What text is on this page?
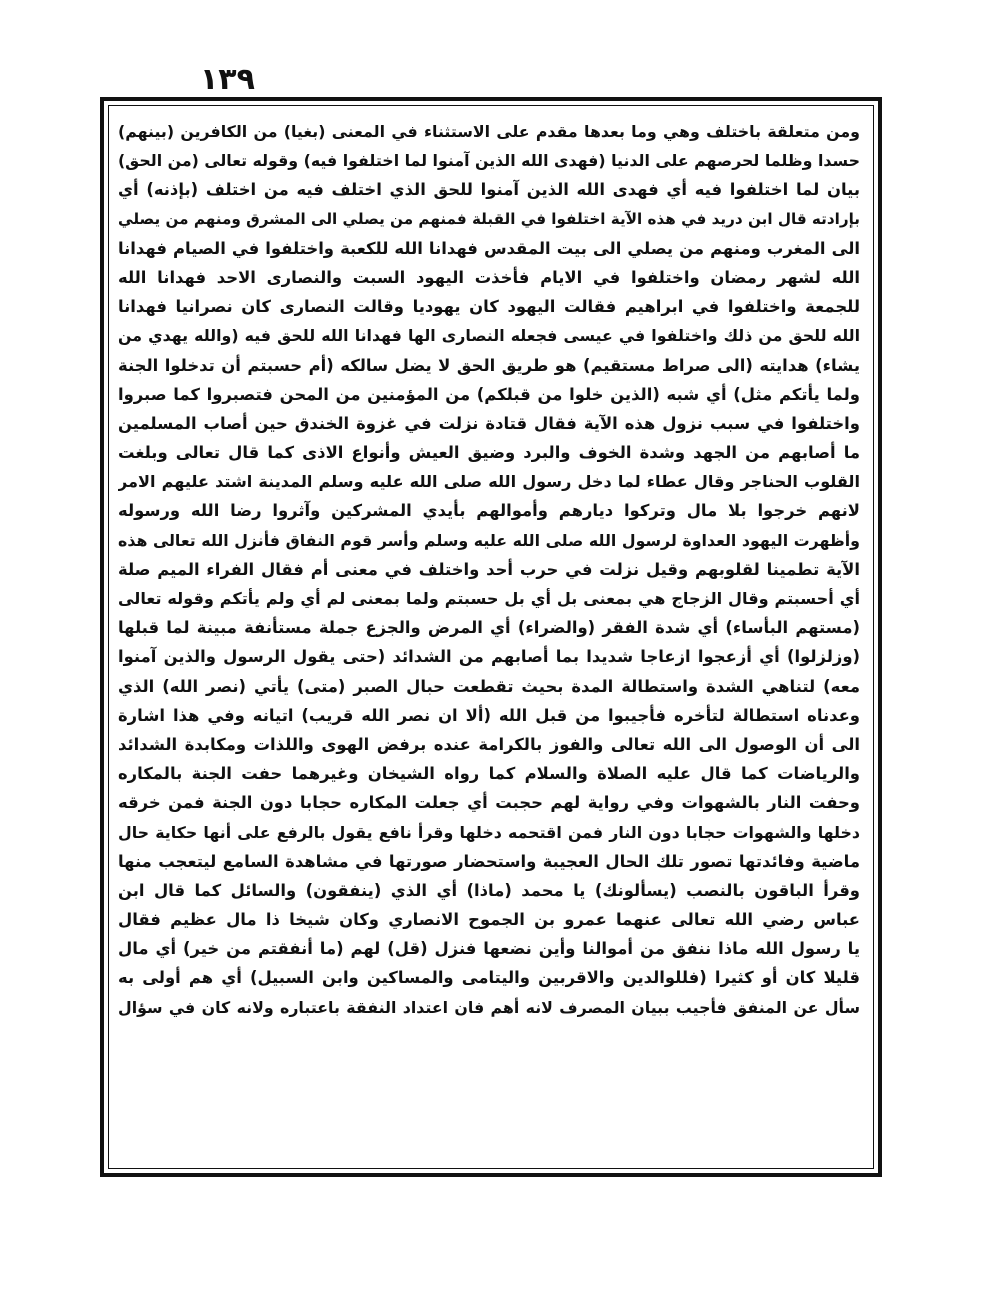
١٣٩
ومن متعلقة باختلف وهي وما بعدها مقدم على الاستثناء في المعنى (بغيا) من الكافرين (بينهم)
حسدا وظلما لحرصهم على الدنيا (فهدى الله الذين آمنوا لما اختلفوا فيه) وقوله تعالى (من الحق)
بيان لما اختلفوا فيه أي فهدى الله الذين آمنوا للحق الذي اختلف فيه من اختلف (بإذنه) أي
بإرادته قال ابن دريد في هذه الآية اختلفوا في القبلة فمنهم من يصلي الى المشرق ومنهم من يصلي
الى المغرب ومنهم من يصلي الى بيت المقدس فهدانا الله للكعبة واختلفوا في الصيام فهدانا
الله لشهر رمضان واختلفوا في الايام فأخذت اليهود السبت والنصارى الاحد فهدانا الله
للجمعة واختلفوا في ابراهيم فقالت اليهود كان يهوديا وقالت النصارى كان نصرانيا فهدانا
الله للحق من ذلك واختلفوا في عيسى فجعله النصارى الها فهدانا الله للحق فيه (والله يهدي من
يشاء) هدايته (الى صراط مستقيم) هو طريق الحق لا يضل سالكه (أم حسبتم أن تدخلوا الجنة
ولما يأتكم مثل) أي شبه (الذين خلوا من قبلكم) من المؤمنين من المحن فتصبروا كما صبروا
واختلفوا في سبب نزول هذه الآية فقال قتادة نزلت في غزوة الخندق حين أصاب المسلمين
ما أصابهم من الجهد وشدة الخوف والبرد وضيق العيش وأنواع الاذى كما قال تعالى وبلغت
القلوب الحناجر وقال عطاء لما دخل رسول الله صلى الله عليه وسلم المدينة اشتد عليهم الامر
لانهم خرجوا بلا مال وتركوا ديارهم وأموالهم بأيدي المشركين وآثروا رضا الله ورسوله
وأظهرت اليهود العداوة لرسول الله صلى الله عليه وسلم وأسر قوم النفاق فأنزل الله تعالى هذه
الآية تطمينا لقلوبهم وقيل نزلت في حرب أحد واختلف في معنى أم فقال الفراء الميم صلة
أي أحسبتم وقال الزجاج هي بمعنى بل أي بل حسبتم ولما بمعنى لم أي ولم يأتكم وقوله تعالى
(مستهم البأساء) أي شدة الفقر (والضراء) أي المرض والجزع جملة مستأنفة مبينة لما قبلها
(وزلزلوا) أي أزعجوا ازعاجا شديدا بما أصابهم من الشدائد (حتى يقول الرسول والذين آمنوا
معه) لتناهي الشدة واستطالة المدة بحيث تقطعت حبال الصبر (متى) يأتي (نصر الله) الذي
وعدناه استطالة لتأخره فأجيبوا من قبل الله (ألا ان نصر الله قريب) اتيانه وفي هذا اشارة
الى أن الوصول الى الله تعالى والفوز بالكرامة عنده برفض الهوى واللذات ومكابدة الشدائد
والرياضات كما قال عليه الصلاة والسلام كما رواه الشيخان وغيرهما حفت الجنة بالمكاره
وحفت النار بالشهوات وفي رواية لهم حجبت أي جعلت المكاره حجابا دون الجنة فمن خرقه
دخلها والشهوات حجابا دون النار فمن اقتحمه دخلها وقرأ نافع يقول بالرفع على أنها حكاية حال
ماضية وفائدتها تصور تلك الحال العجيبة واستحضار صورتها في مشاهدة السامع ليتعجب منها
وقرأ الباقون بالنصب (يسألونك) يا محمد (ماذا) أي الذي (ينفقون) والسائل كما قال ابن
عباس رضي الله تعالى عنهما عمرو بن الجموح الانصاري وكان شيخا ذا مال عظيم فقال
يا رسول الله ماذا ننفق من أموالنا وأين نضعها فنزل (قل) لهم (ما أنفقتم من خير) أي مال
قليلا كان أو كثيرا (فللوالدين والاقربين واليتامى والمساكين وابن السبيل) أي هم أولى به
سأل عن المنفق فأجيب ببيان المصرف لانه أهم فان اعتداد النفقة باعتباره ولانه كان في سؤال
